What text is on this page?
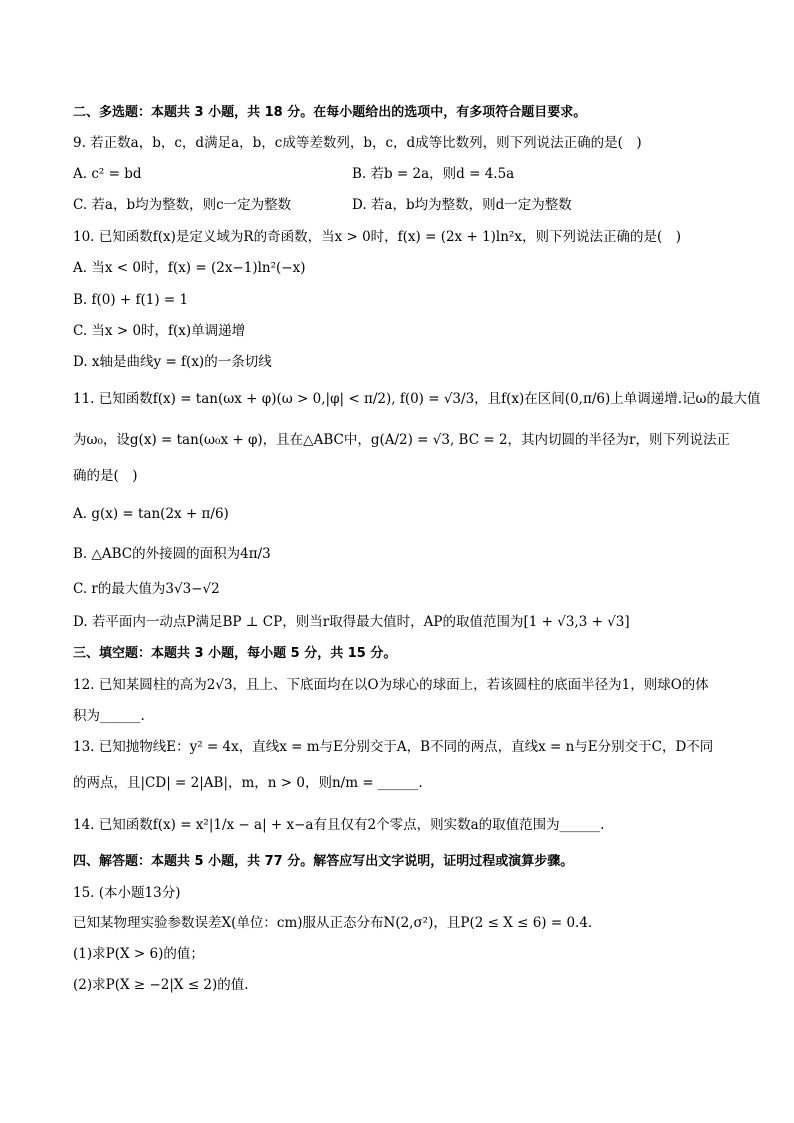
二、多选题：本题共 3 小题，共 18 分。在每小题给出的选项中，有多项符合题目要求。
9. 若正数a，b，c，d满足a，b，c成等差数列，b，c，d成等比数列，则下列说法正确的是(　)
A. c² = bd	B. 若b = 2a，则d = 4.5a
C. 若a，b均为整数，则c一定为整数	D. 若a，b均为整数，则d一定为整数
10. 已知函数f(x)是定义域为R的奇函数，当x > 0时，f(x) = (2x + 1)ln²x，则下列说法正确的是(　)
A. 当x < 0时，f(x) = (2x−1)ln²(−x)
B. f(0) + f(1) = 1
C. 当x > 0时，f(x)单调递增
D. x轴是曲线y = f(x)的一条切线
11. 已知函数f(x) = tan(ωx + φ)(ω > 0,|φ| < π/2), f(0) = √3/3，且f(x)在区间(0,π/6)上单调递增.记ω的最大值
为ω₀，设g(x) = tan(ω₀x + φ)，且在△ABC中，g(A/2) = √3, BC = 2，其内切圆的半径为r，则下列说法正
确的是(　)
A. g(x) = tan(2x + π/6)
B. △ABC的外接圆的面积为4π/3
C. r的最大值为3√3−√2
D. 若平面内一动点P满足BP ⊥ CP，则当r取得最大值时，AP的取值范围为[1 + √3,3 + √3]
三、填空题：本题共 3 小题，每小题 5 分，共 15 分。
12. 已知某圆柱的高为2√3，且上、下底面均在以O为球心的球面上，若该圆柱的底面半径为1，则球O的体
积为______.
13. 已知抛物线E：y² = 4x，直线x = m与E分别交于A，B不同的两点，直线x = n与E分别交于C，D不同
的两点，且|CD| = 2|AB|，m，n > 0，则n/m = ______.
14. 已知函数f(x) = x²|1/x − a| + x−a有且仅有2个零点，则实数a的取值范围为______.
四、解答题：本题共 5 小题，共 77 分。解答应写出文字说明，证明过程或演算步骤。
15. (本小题13分)
已知某物理实验参数误差X(单位：cm)服从正态分布N(2,σ²)，且P(2 ≤ X ≤ 6) = 0.4.
(1)求P(X > 6)的值；
(2)求P(X ≥ −2|X ≤ 2)的值.
